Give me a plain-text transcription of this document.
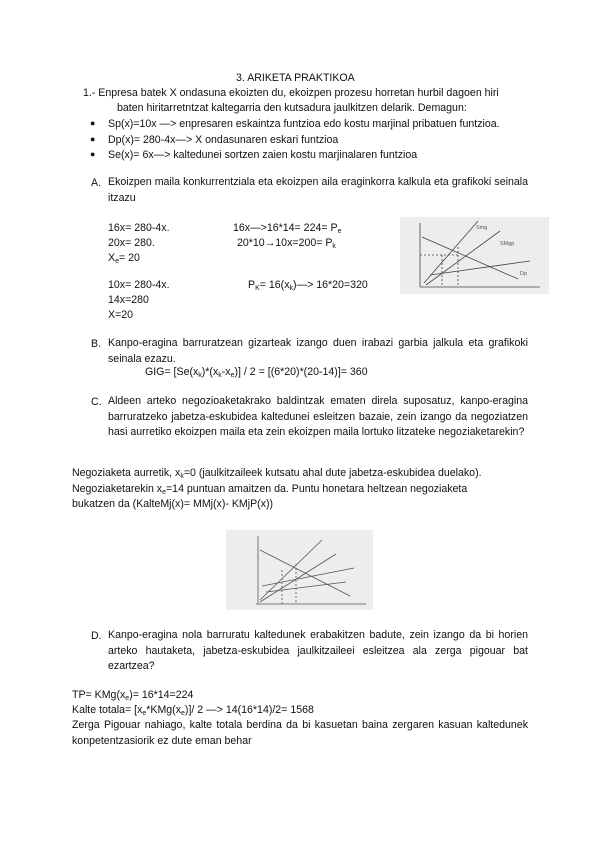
3. ARIKETA PRAKTIKOA
1.- Enpresa batek X ondasuna ekoizten du, ekoizpen prozesu horretan hurbil dagoen hiri
baten hiritarretntzat kaltegarria den kutsadura jaulkitzen delarik. Demagun:
● Sp(x)=10x —> enpresaren eskaintza funtzioa edo kostu marjinal pribatuen funtzioa.
● Dp(x)= 280-4x—> X ondasunaren eskari funtzioa
● Se(x)= 6x—> kaltedunei sortzen zaien kostu marjinalaren funtzioa
A. Ekoizpen maila konkurrentziala eta ekoizpen aila eraginkorra kalkula eta grafikoki seinala itzazu
16x= 280-4x.
20x= 280.
$X_e= 20$
16x—>16*14= $224= P_e$
$20*10\to 10x=200= P_k$
10x= 280-4x.
14x=280
X=20
$P_K=$ $16(x_k)—> 16*20=320$
Smg
SMgp
Dp
B. Kanpo-eragina barruratzean gizarteak izango duen irabazi garbia jalkula eta grafikoki seinala ezazu.
$GIG= [Se(x_k)*(x_k-x_e)] / 2 = [(6*20)*(20-14)]= 360$
C. Aldeen arteko negozioaketakrako baldintzak ematen direla suposatuz, kanpo-eragina barruratzeko jabetza-eskubidea kaltedunei esleitzen bazaie, zein izango da negoziatzen hasi aurretiko ekoizpen maila eta zein ekoizpen maila lortuko litzateke negoziaketarekin?
Negoziaketa aurretik, $x_k=0$ (jaulkitzaileek kutsatu ahal dute jabetza-eskubidea duelako).
Negoziaketarekin $x_e=14$ puntuan amaitzen da. Puntu honetara heltzean negoziaketa
bukatzen da (KalteMj(x)= MMj(x)- KMjP(x))
D. Kanpo-eragina nola barruratu kaltedunek erabakitzen badute, zein izango da bi horien arteko hautaketa, jabetza-eskubidea jaulkitzaileei esleitzea ala zerga pigouar bat ezartzea?
$TP= KMg(x_e)= 16*14=224$
Kalte totala= $[x_e*KMg(x_e)]/$ 2 —> 14(16*14)/2= 1568
Zerga Pigouar nahiago, kalte totala berdina da bi kasuetan baina zergaren kasuan kaltedunek konpetentzasiorik ez dute eman behar
